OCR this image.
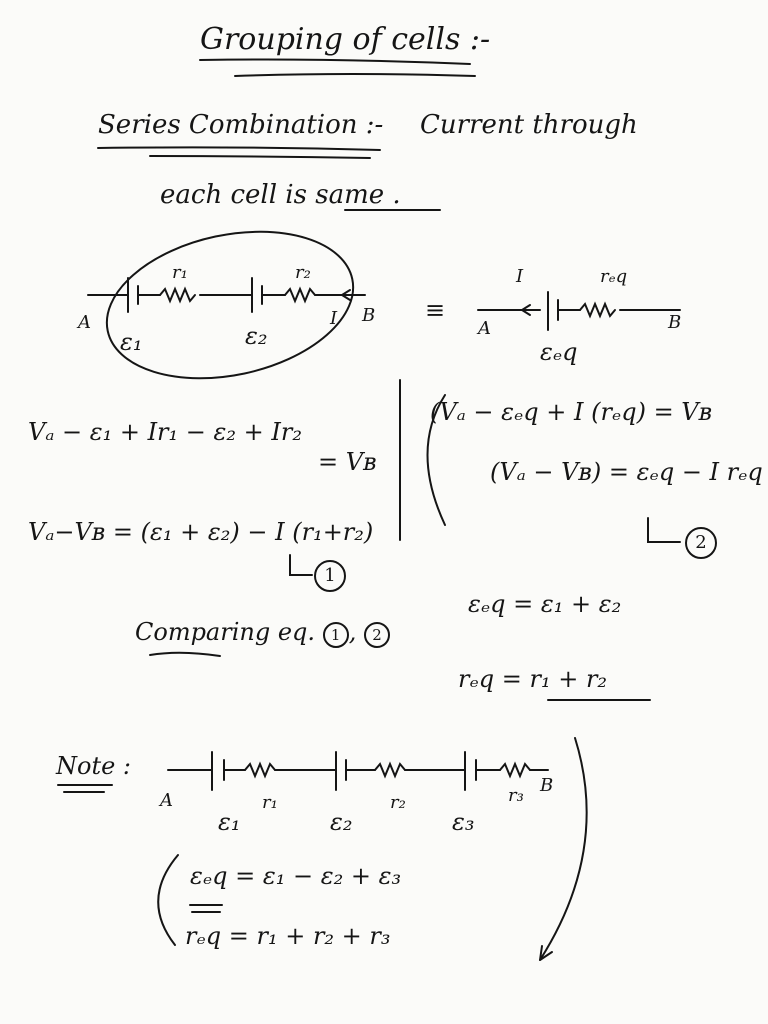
Grouping of cells :-
Series Combination :- Current through
each cell is same .
r₁	r₂
A	B
ε₁	ε₂
I	≡
I	rₑq
A	B
εₑq
Vₐ − ε₁ + Ir₁ − ε₂ + Ir₂
= Vʙ
Vₐ−Vʙ = (ε₁ + ε₂) − I (r₁+r₂)
1
(Vₐ − εₑq + I (rₑq) = Vʙ
(Vₐ − Vʙ) = εₑq − I rₑq
2
Comparing eq. 1 , 2
εₑq = ε₁ + ε₂
rₑq = r₁ + r₂
Note :
A
B
ε₁
r₁
ε₂
r₂
ε₃
r₃
εₑq = ε₁ − ε₂ + ε₃
rₑq = r₁ + r₂ + r₃
